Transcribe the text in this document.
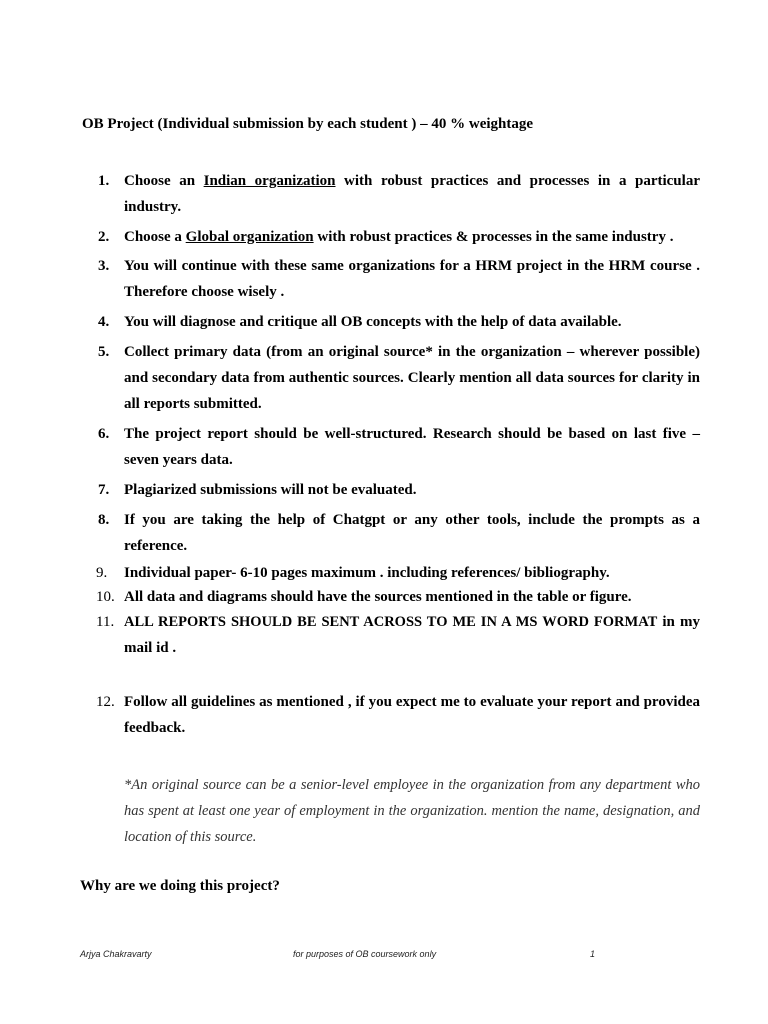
OB Project (Individual submission by each student ) – 40 % weightage
1. Choose an Indian organization with robust practices and processes in a particular industry.
2. Choose a Global organization with robust practices & processes in the same industry .
3. You will continue with these same organizations for a HRM project in the HRM course . Therefore choose wisely .
4. You will diagnose and critique all OB concepts with the help of data available.
5. Collect primary data (from an original source* in the organization – wherever possible) and secondary data from authentic sources. Clearly mention all data sources for clarity in all reports submitted.
6. The project report should be well-structured. Research should be based on last five – seven years data.
7. Plagiarized submissions will not be evaluated.
8. If you are taking the help of Chatgpt or any other tools, include the prompts as a reference.
9. Individual paper- 6-10 pages maximum . including references/ bibliography.
10. All data and diagrams should have the sources mentioned in the table or figure.
11. ALL REPORTS SHOULD BE SENT ACROSS TO ME IN A MS WORD FORMAT in my mail id .
12. Follow all guidelines as mentioned , if you expect me to evaluate your report and providea feedback.
*An original source can be a senior-level employee in the organization from any department who has spent at least one year of employment in the organization. mention the name, designation, and location of this source.
Why are we doing this project?
Arjya Chakravarty	for purposes of OB coursework only	1
